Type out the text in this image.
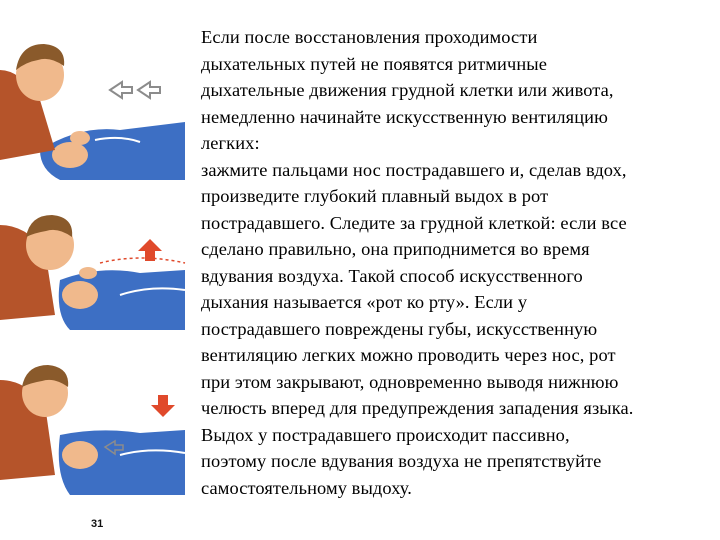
31

Если после восстановления проходимости
дыхательных путей не появятся ритмичные
дыхательные движения грудной клетки или живота,
немедленно начинайте искусственную вентиляцию
легких:
зажмите пальцами нос пострадавшего и, сделав вдох,
произведите глубокий плавный выдох в рот
пострадавшего. Следите за грудной клеткой: если все
сделано правильно, она приподнимется во время
вдувания воздуха. Такой способ искусственного
дыхания называется «рот ко рту». Если у
пострадавшего повреждены губы, искусственную
вентиляцию легких можно проводить через нос, рот
при этом закрывают, одновременно выводя нижнюю
челюсть вперед для предупреждения западения языка.
Выдох у пострадавшего происходит пассивно,
поэтому после вдувания воздуха не препятствуйте
самостоятельному выдоху.
